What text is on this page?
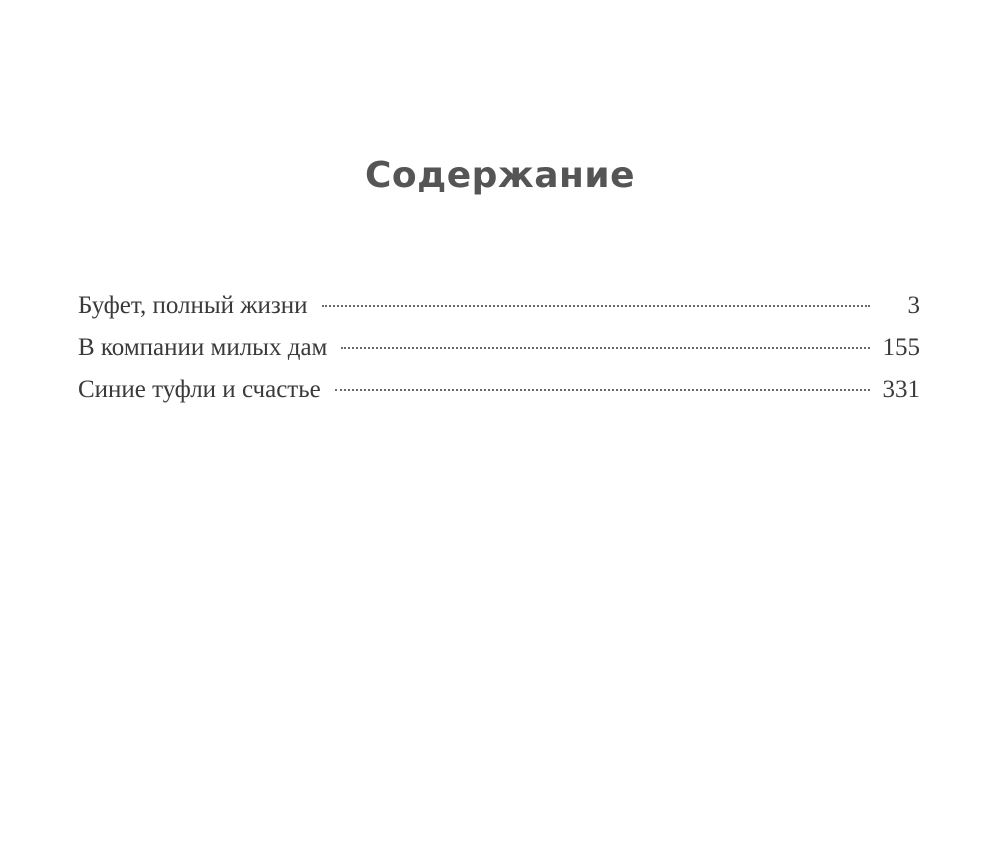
Содержание
Буфет, полный жизни	3
В компании милых дам	155
Синие туфли и счастье	331
